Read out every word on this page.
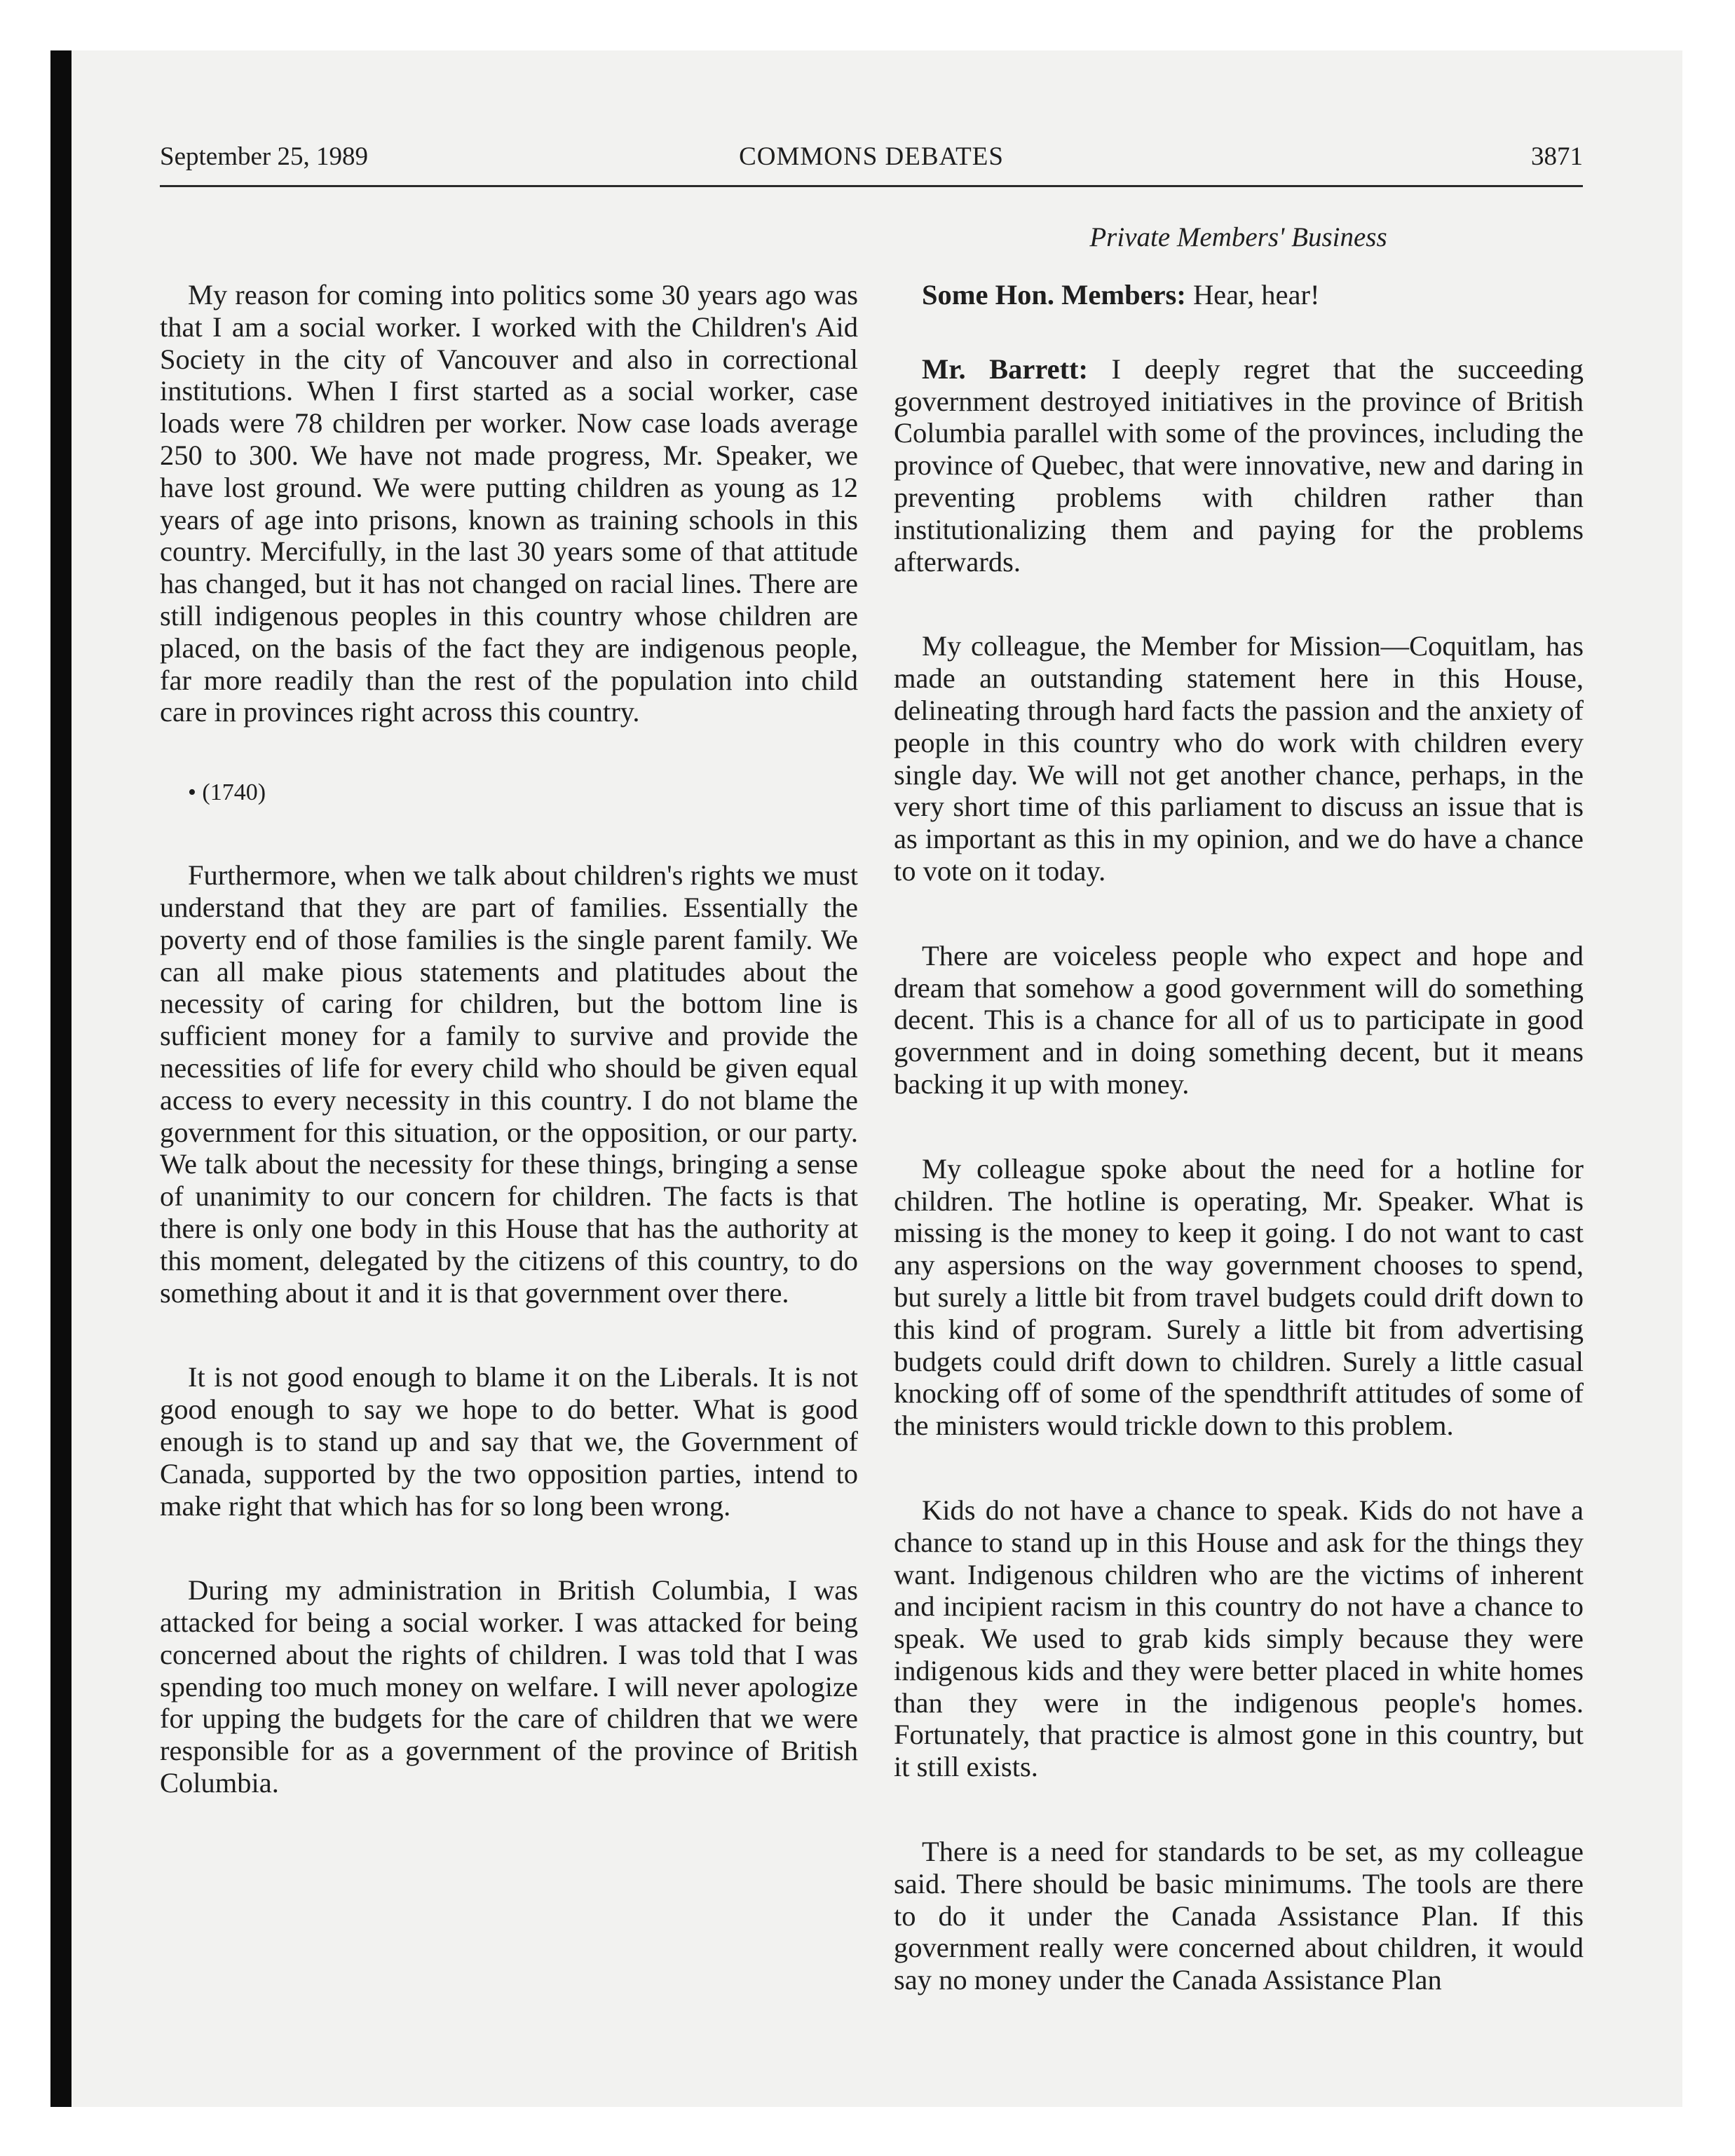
September 25, 1989	COMMONS DEBATES	3871
Private Members' Business

My reason for coming into politics some 30 years ago was that I am a social worker. I worked with the Children's Aid Society in the city of Vancouver and also in correctional institutions. When I first started as a social worker, case loads were 78 children per worker. Now case loads average 250 to 300. We have not made progress, Mr. Speaker, we have lost ground. We were putting children as young as 12 years of age into prisons, known as training schools in this country. Mercifully, in the last 30 years some of that attitude has changed, but it has not changed on racial lines. There are still indigenous peoples in this country whose children are placed, on the basis of the fact they are indigenous people, far more readily than the rest of the population into child care in provinces right across this country.

• (1740)

Furthermore, when we talk about children's rights we must understand that they are part of families. Essentially the poverty end of those families is the single parent family. We can all make pious statements and platitudes about the necessity of caring for children, but the bottom line is sufficient money for a family to survive and provide the necessities of life for every child who should be given equal access to every necessity in this country. I do not blame the government for this situation, or the opposition, or our party. We talk about the necessity for these things, bringing a sense of unanimity to our concern for children. The facts is that there is only one body in this House that has the authority at this moment, delegated by the citizens of this country, to do something about it and it is that government over there.

It is not good enough to blame it on the Liberals. It is not good enough to say we hope to do better. What is good enough is to stand up and say that we, the Government of Canada, supported by the two opposition parties, intend to make right that which has for so long been wrong.

During my administration in British Columbia, I was attacked for being a social worker. I was attacked for being concerned about the rights of children. I was told that I was spending too much money on welfare. I will never apologize for upping the budgets for the care of children that we were responsible for as a government of the province of British Columbia.

Some Hon. Members: Hear, hear!

Mr. Barrett: I deeply regret that the succeeding government destroyed initiatives in the province of British Columbia parallel with some of the provinces, including the province of Quebec, that were innovative, new and daring in preventing problems with children rather than institutionalizing them and paying for the problems afterwards.

My colleague, the Member for Mission—Coquitlam, has made an outstanding statement here in this House, delineating through hard facts the passion and the anxiety of people in this country who do work with children every single day. We will not get another chance, perhaps, in the very short time of this parliament to discuss an issue that is as important as this in my opinion, and we do have a chance to vote on it today.

There are voiceless people who expect and hope and dream that somehow a good government will do something decent. This is a chance for all of us to participate in good government and in doing something decent, but it means backing it up with money.

My colleague spoke about the need for a hotline for children. The hotline is operating, Mr. Speaker. What is missing is the money to keep it going. I do not want to cast any aspersions on the way government chooses to spend, but surely a little bit from travel budgets could drift down to this kind of program. Surely a little bit from advertising budgets could drift down to children. Surely a little casual knocking off of some of the spendthrift attitudes of some of the ministers would trickle down to this problem.

Kids do not have a chance to speak. Kids do not have a chance to stand up in this House and ask for the things they want. Indigenous children who are the victims of inherent and incipient racism in this country do not have a chance to speak. We used to grab kids simply because they were indigenous kids and they were better placed in white homes than they were in the indigenous people's homes. Fortunately, that practice is almost gone in this country, but it still exists.

There is a need for standards to be set, as my colleague said. There should be basic minimums. The tools are there to do it under the Canada Assistance Plan. If this government really were concerned about children, it would say no money under the Canada Assistance Plan
